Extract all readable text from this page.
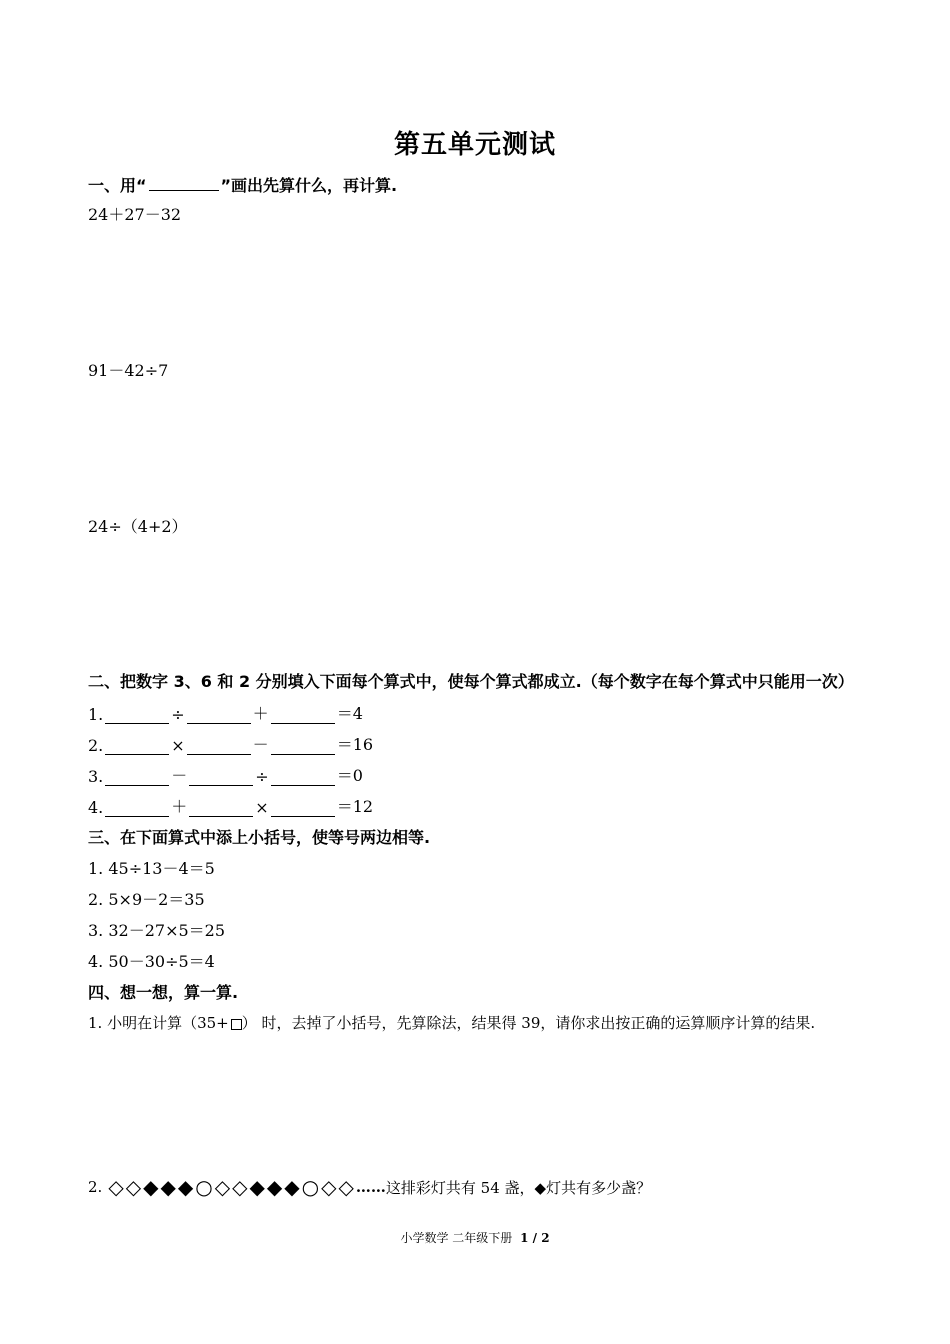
第五单元测试
一、用“	”画出先算什么，再计算.
24＋27－32
91－42÷7
24÷（4+2）
二、把数字 3、6 和 2 分别填入下面每个算式中，使每个算式都成立.（每个数字在每个算式中只能用一次）
1.	÷	＋	＝4
2.	×	－	＝16
3.	－	÷	＝0
4.	＋	×	＝12
三、在下面算式中添上小括号，使等号两边相等.
1. 45÷13－4＝5
2. 5×9－2＝35
3. 32－27×5＝25
4. 50－30÷5＝4
四、想一想，算一算.
1. 小明在计算（35+ ） 时，去掉了小括号，先算除法，结果得 39，请你求出按正确的运算顺序计算的结果.
2. ◇ ◇ ◆ ◆ ◆ ○ ◇ ◇ ◆ ◆ ◆ ○ ◇ ◇ …… 这排彩灯共有 54 盏，◆灯共有多少盏？
小学数学 二年级下册 1 / 2
